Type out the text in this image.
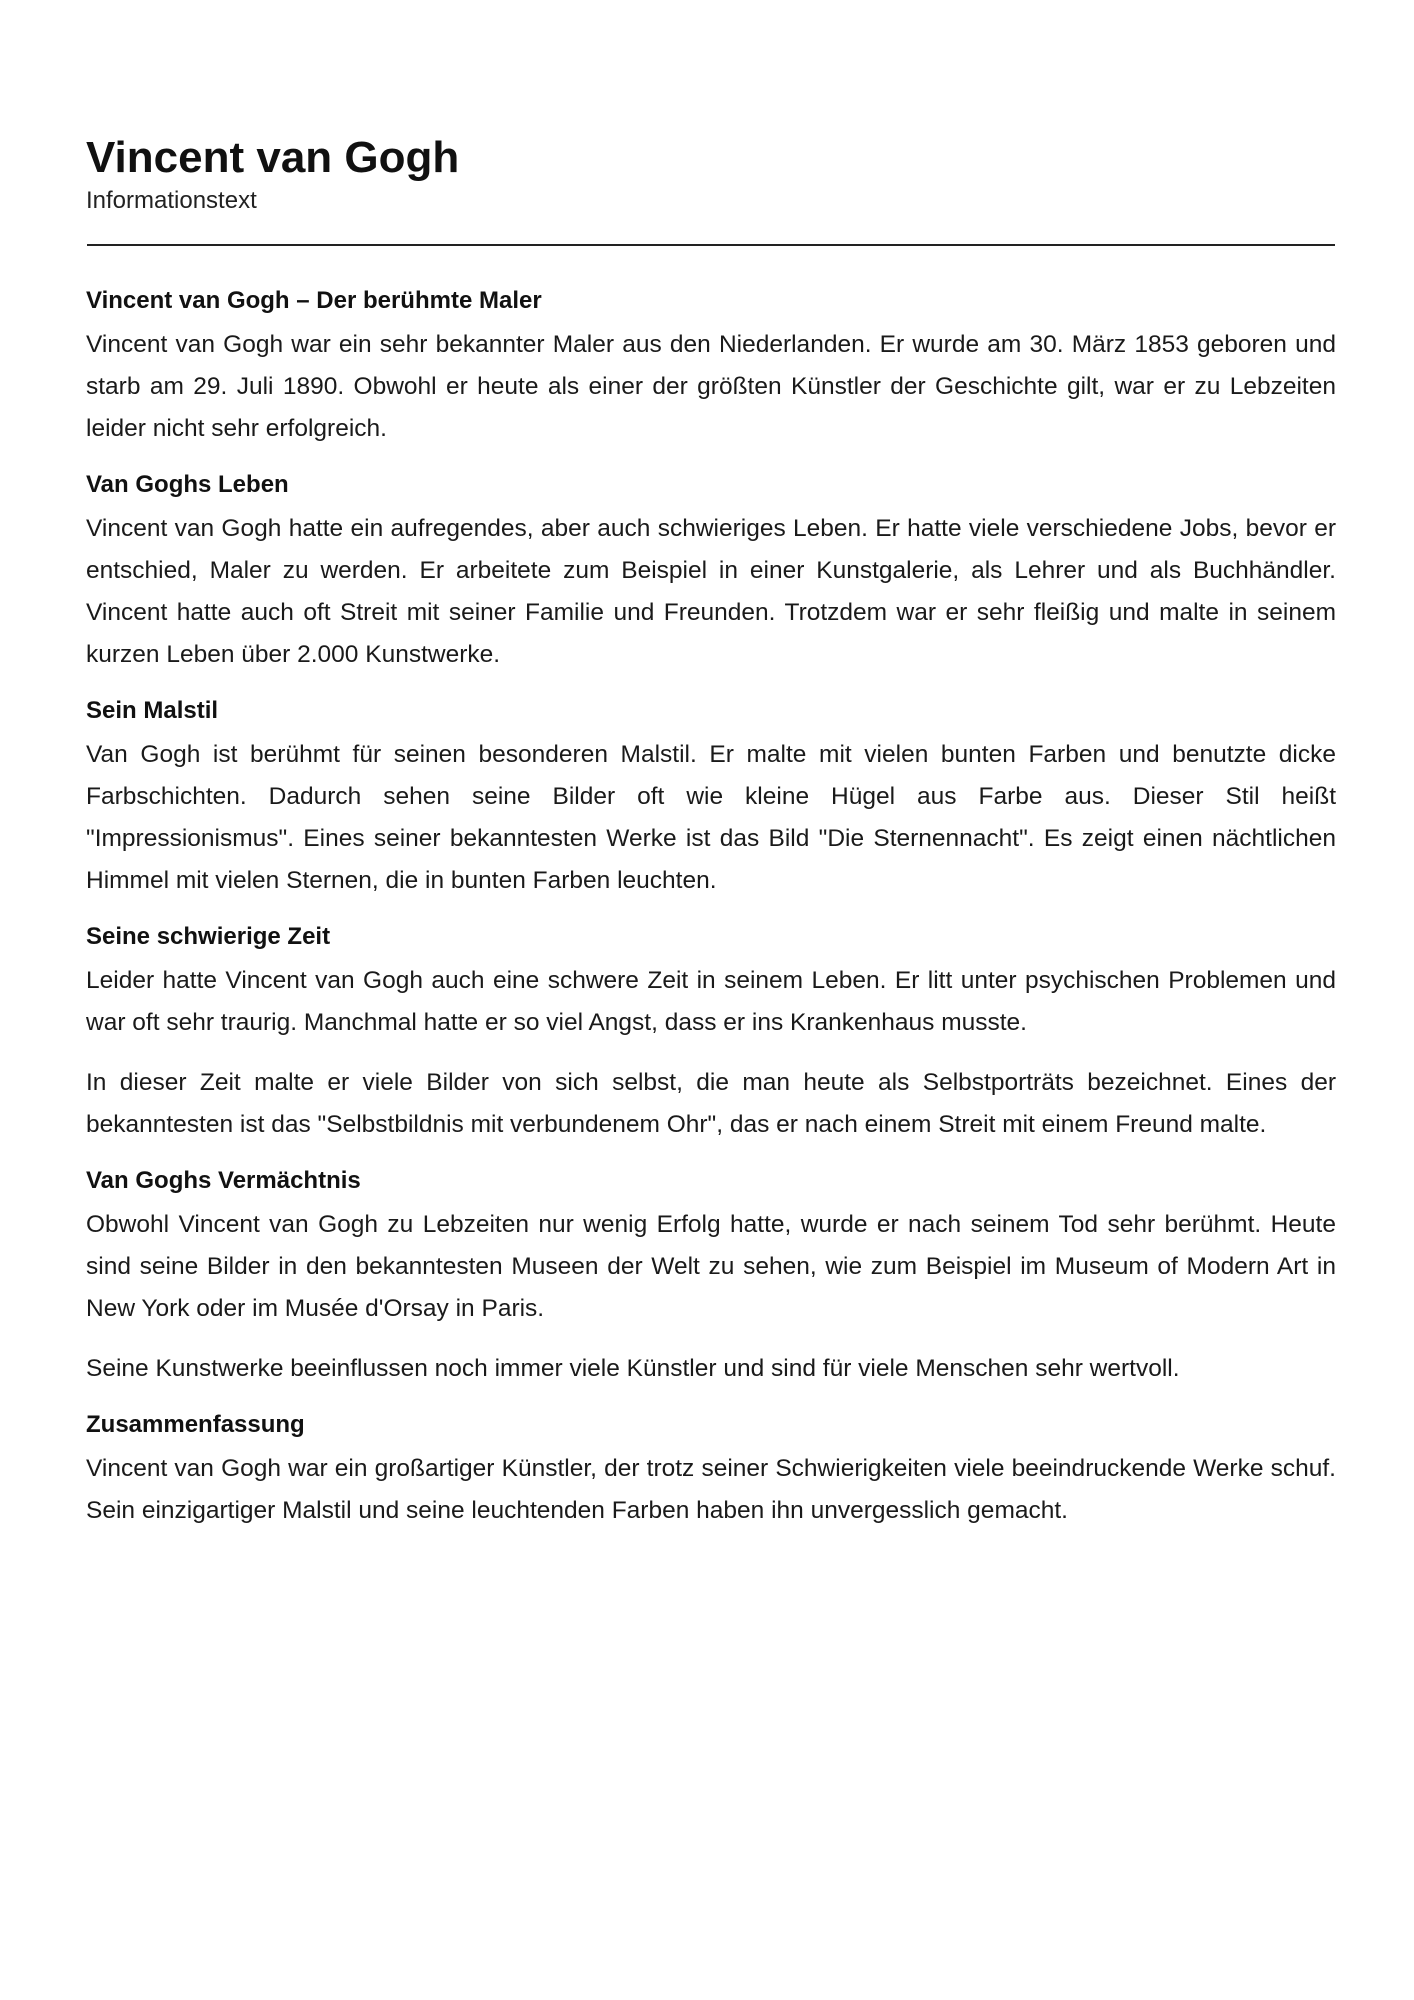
Vincent van Gogh
Informationstext
Vincent van Gogh – Der berühmte Maler

Vincent van Gogh war ein sehr bekannter Maler aus den Niederlanden. Er wurde am 30. März 1853 geboren und starb am 29. Juli 1890. Obwohl er heute als einer der größten Künstler der Geschichte gilt, war er zu Lebzeiten leider nicht sehr erfolgreich.

Van Goghs Leben

Vincent van Gogh hatte ein aufregendes, aber auch schwieriges Leben. Er hatte viele verschiedene Jobs, bevor er entschied, Maler zu werden. Er arbeitete zum Beispiel in einer Kunstgalerie, als Lehrer und als Buchhändler. Vincent hatte auch oft Streit mit seiner Familie und Freunden. Trotzdem war er sehr fleißig und malte in seinem kurzen Leben über 2.000 Kunstwerke.

Sein Malstil

Van Gogh ist berühmt für seinen besonderen Malstil. Er malte mit vielen bunten Farben und benutzte dicke Farbschichten. Dadurch sehen seine Bilder oft wie kleine Hügel aus Farbe aus. Dieser Stil heißt "Impressionismus". Eines seiner bekanntesten Werke ist das Bild "Die Sternennacht". Es zeigt einen nächtlichen Himmel mit vielen Sternen, die in bunten Farben leuchten.

Seine schwierige Zeit

Leider hatte Vincent van Gogh auch eine schwere Zeit in seinem Leben. Er litt unter psychischen Problemen und war oft sehr traurig. Manchmal hatte er so viel Angst, dass er ins Krankenhaus musste.

In dieser Zeit malte er viele Bilder von sich selbst, die man heute als Selbstporträts bezeichnet. Eines der bekanntesten ist das "Selbstbildnis mit verbundenem Ohr", das er nach einem Streit mit einem Freund malte.

Van Goghs Vermächtnis

Obwohl Vincent van Gogh zu Lebzeiten nur wenig Erfolg hatte, wurde er nach seinem Tod sehr berühmt. Heute sind seine Bilder in den bekanntesten Museen der Welt zu sehen, wie zum Beispiel im Museum of Modern Art in New York oder im Musée d'Orsay in Paris.

Seine Kunstwerke beeinflussen noch immer viele Künstler und sind für viele Menschen sehr wertvoll.

Zusammenfassung

Vincent van Gogh war ein großartiger Künstler, der trotz seiner Schwierigkeiten viele beeindruckende Werke schuf. Sein einzigartiger Malstil und seine leuchtenden Farben haben ihn unvergesslich gemacht.
